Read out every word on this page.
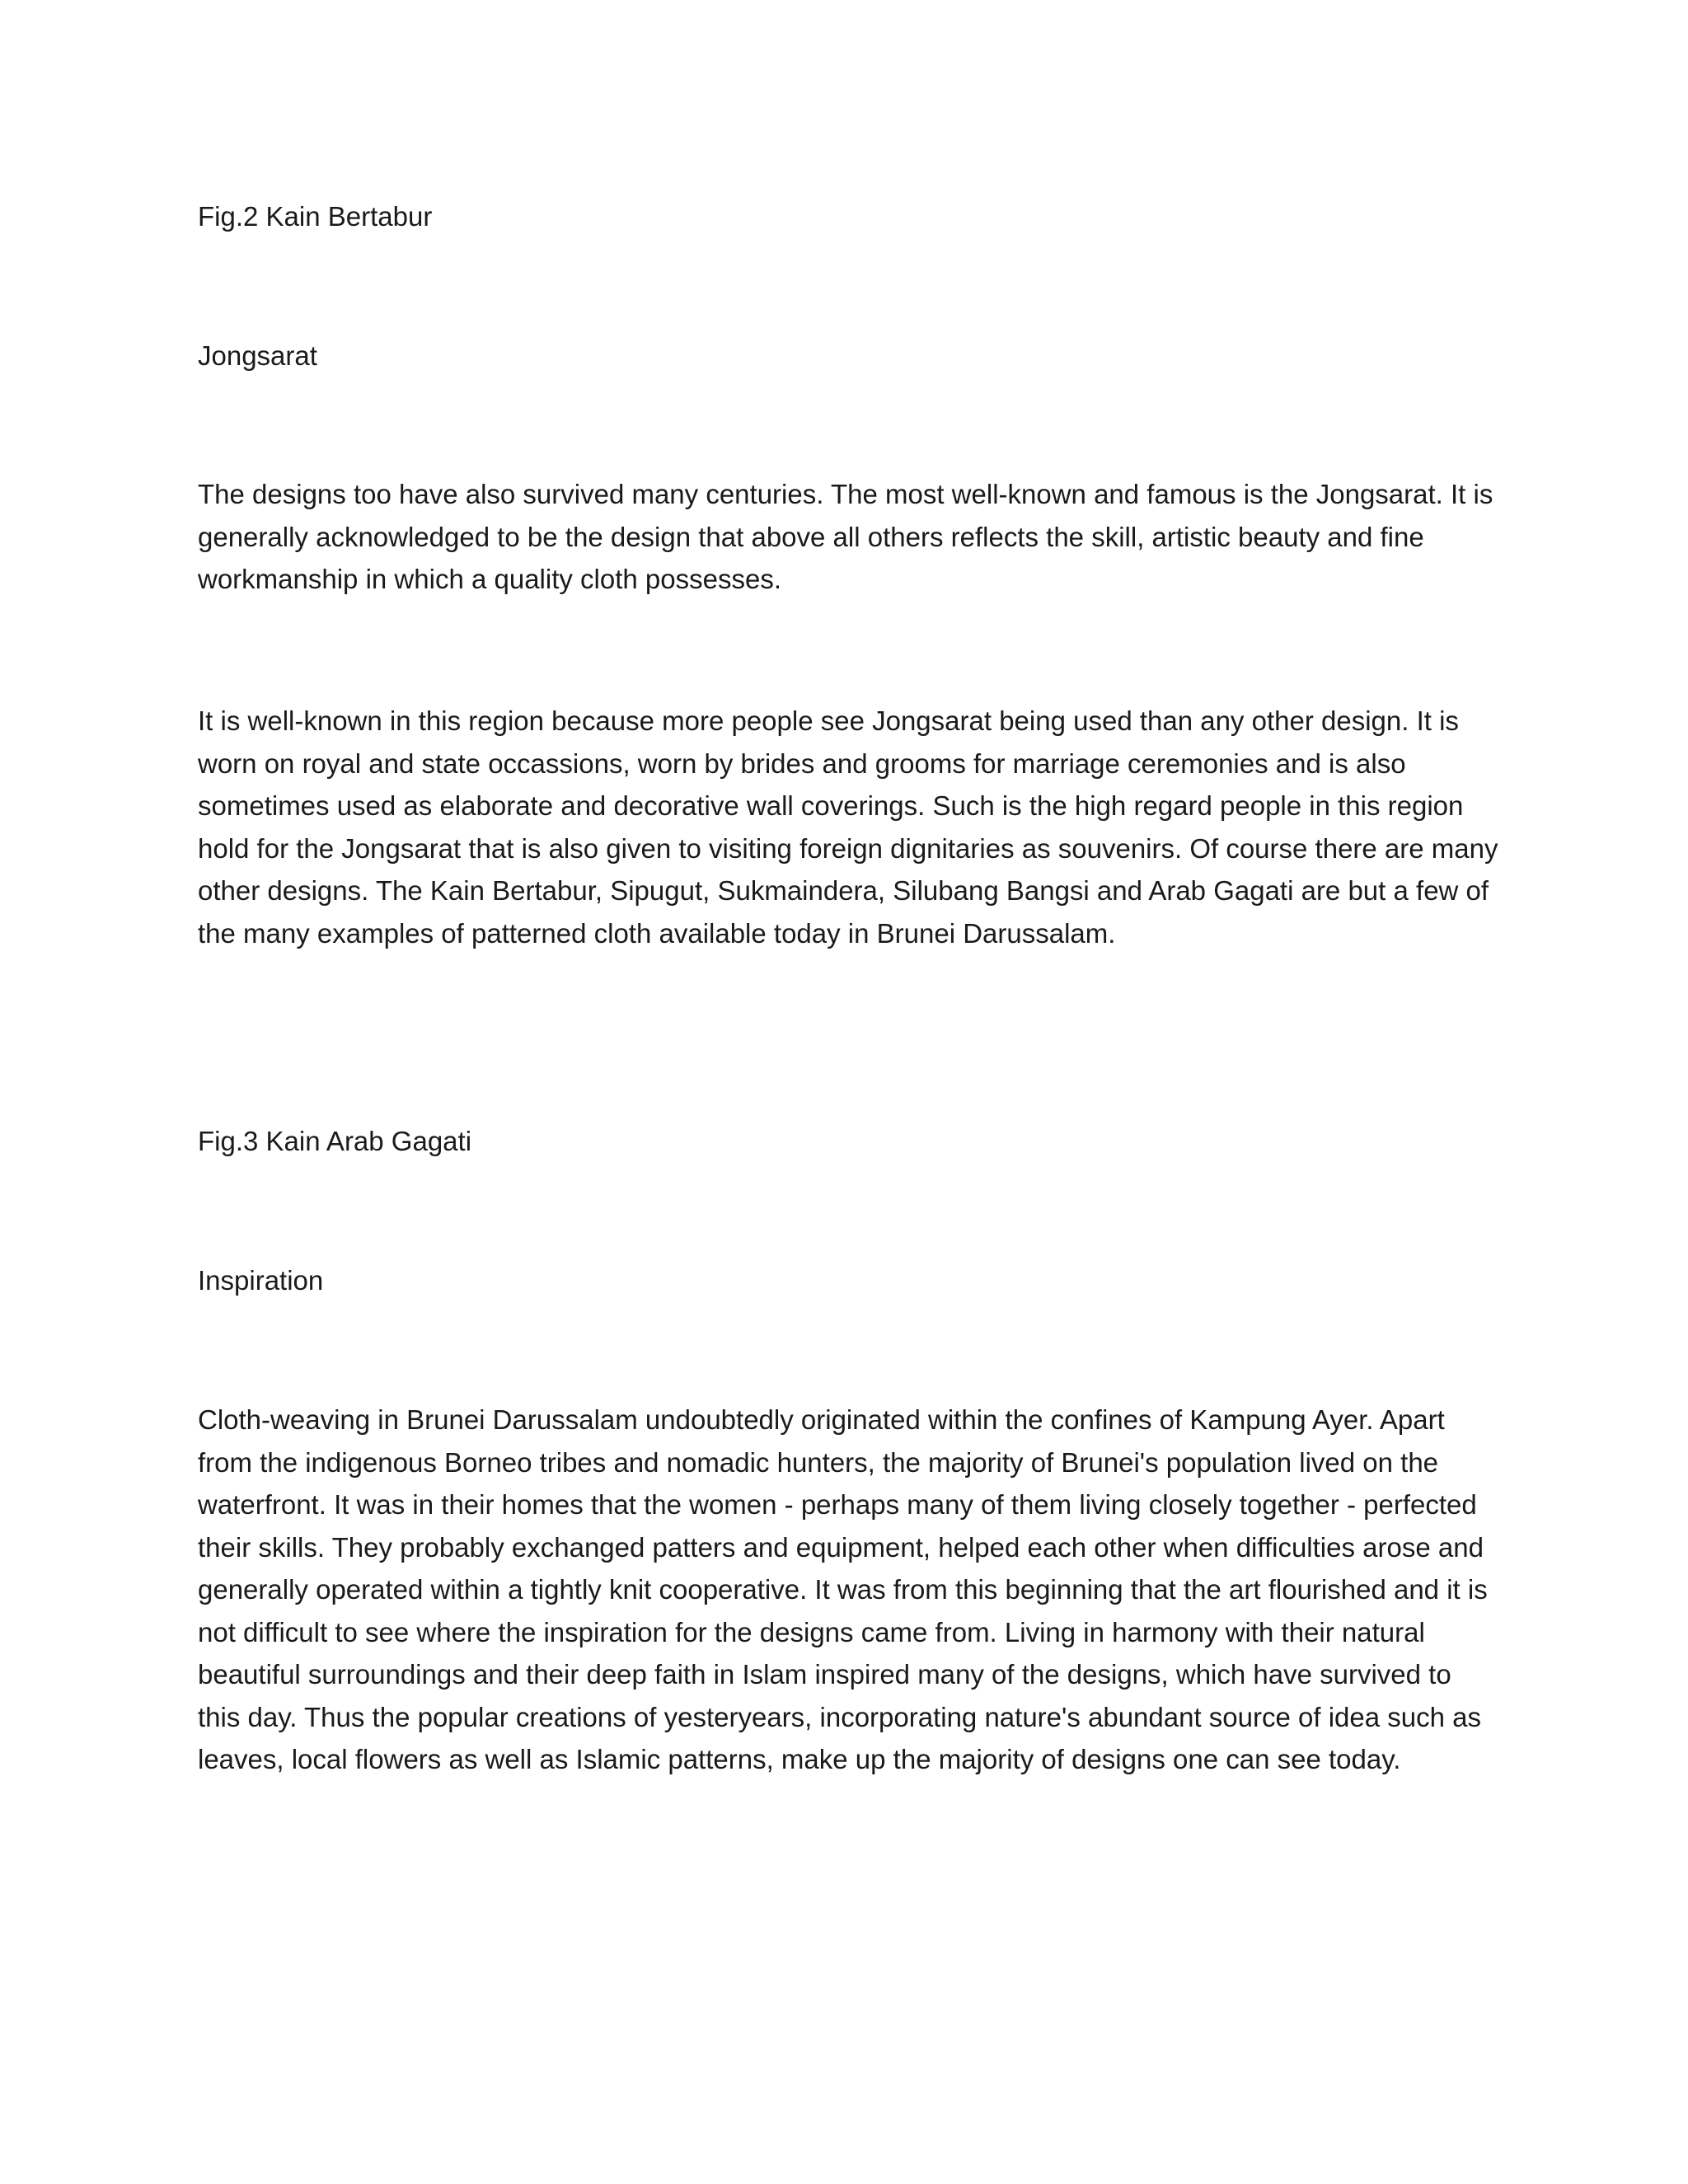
Fig.2 Kain Bertabur

Jongsarat

The designs too have also survived many centuries. The most well-known and famous is the Jongsarat. It is generally acknowledged to be the design that above all others reflects the skill, artistic beauty and fine workmanship in which a quality cloth possesses.

It is well-known in this region because more people see Jongsarat being used than any other design. It is worn on royal and state occassions, worn by brides and grooms for marriage ceremonies and is also sometimes used as elaborate and decorative wall coverings. Such is the high regard people in this region hold for the Jongsarat that is also given to visiting foreign dignitaries as souvenirs. Of course there are many other designs. The Kain Bertabur, Sipugut, Sukmaindera, Silubang Bangsi and Arab Gagati are but a few of the many examples of patterned cloth available today in Brunei Darussalam.

Fig.3 Kain Arab Gagati

Inspiration

Cloth-weaving in Brunei Darussalam undoubtedly originated within the confines of Kampung Ayer. Apart from the indigenous Borneo tribes and nomadic hunters, the majority of Brunei's population lived on the waterfront. It was in their homes that the women - perhaps many of them living closely together - perfected their skills. They probably exchanged patters and equipment, helped each other when difficulties arose and generally operated within a tightly knit cooperative. It was from this beginning that the art flourished and it is not difficult to see where the inspiration for the designs came from. Living in harmony with their natural beautiful surroundings and their deep faith in Islam inspired many of the designs, which have survived to this day. Thus the popular creations of yesteryears, incorporating nature's abundant source of idea such as leaves, local flowers as well as Islamic patterns, make up the majority of designs one can see today.
